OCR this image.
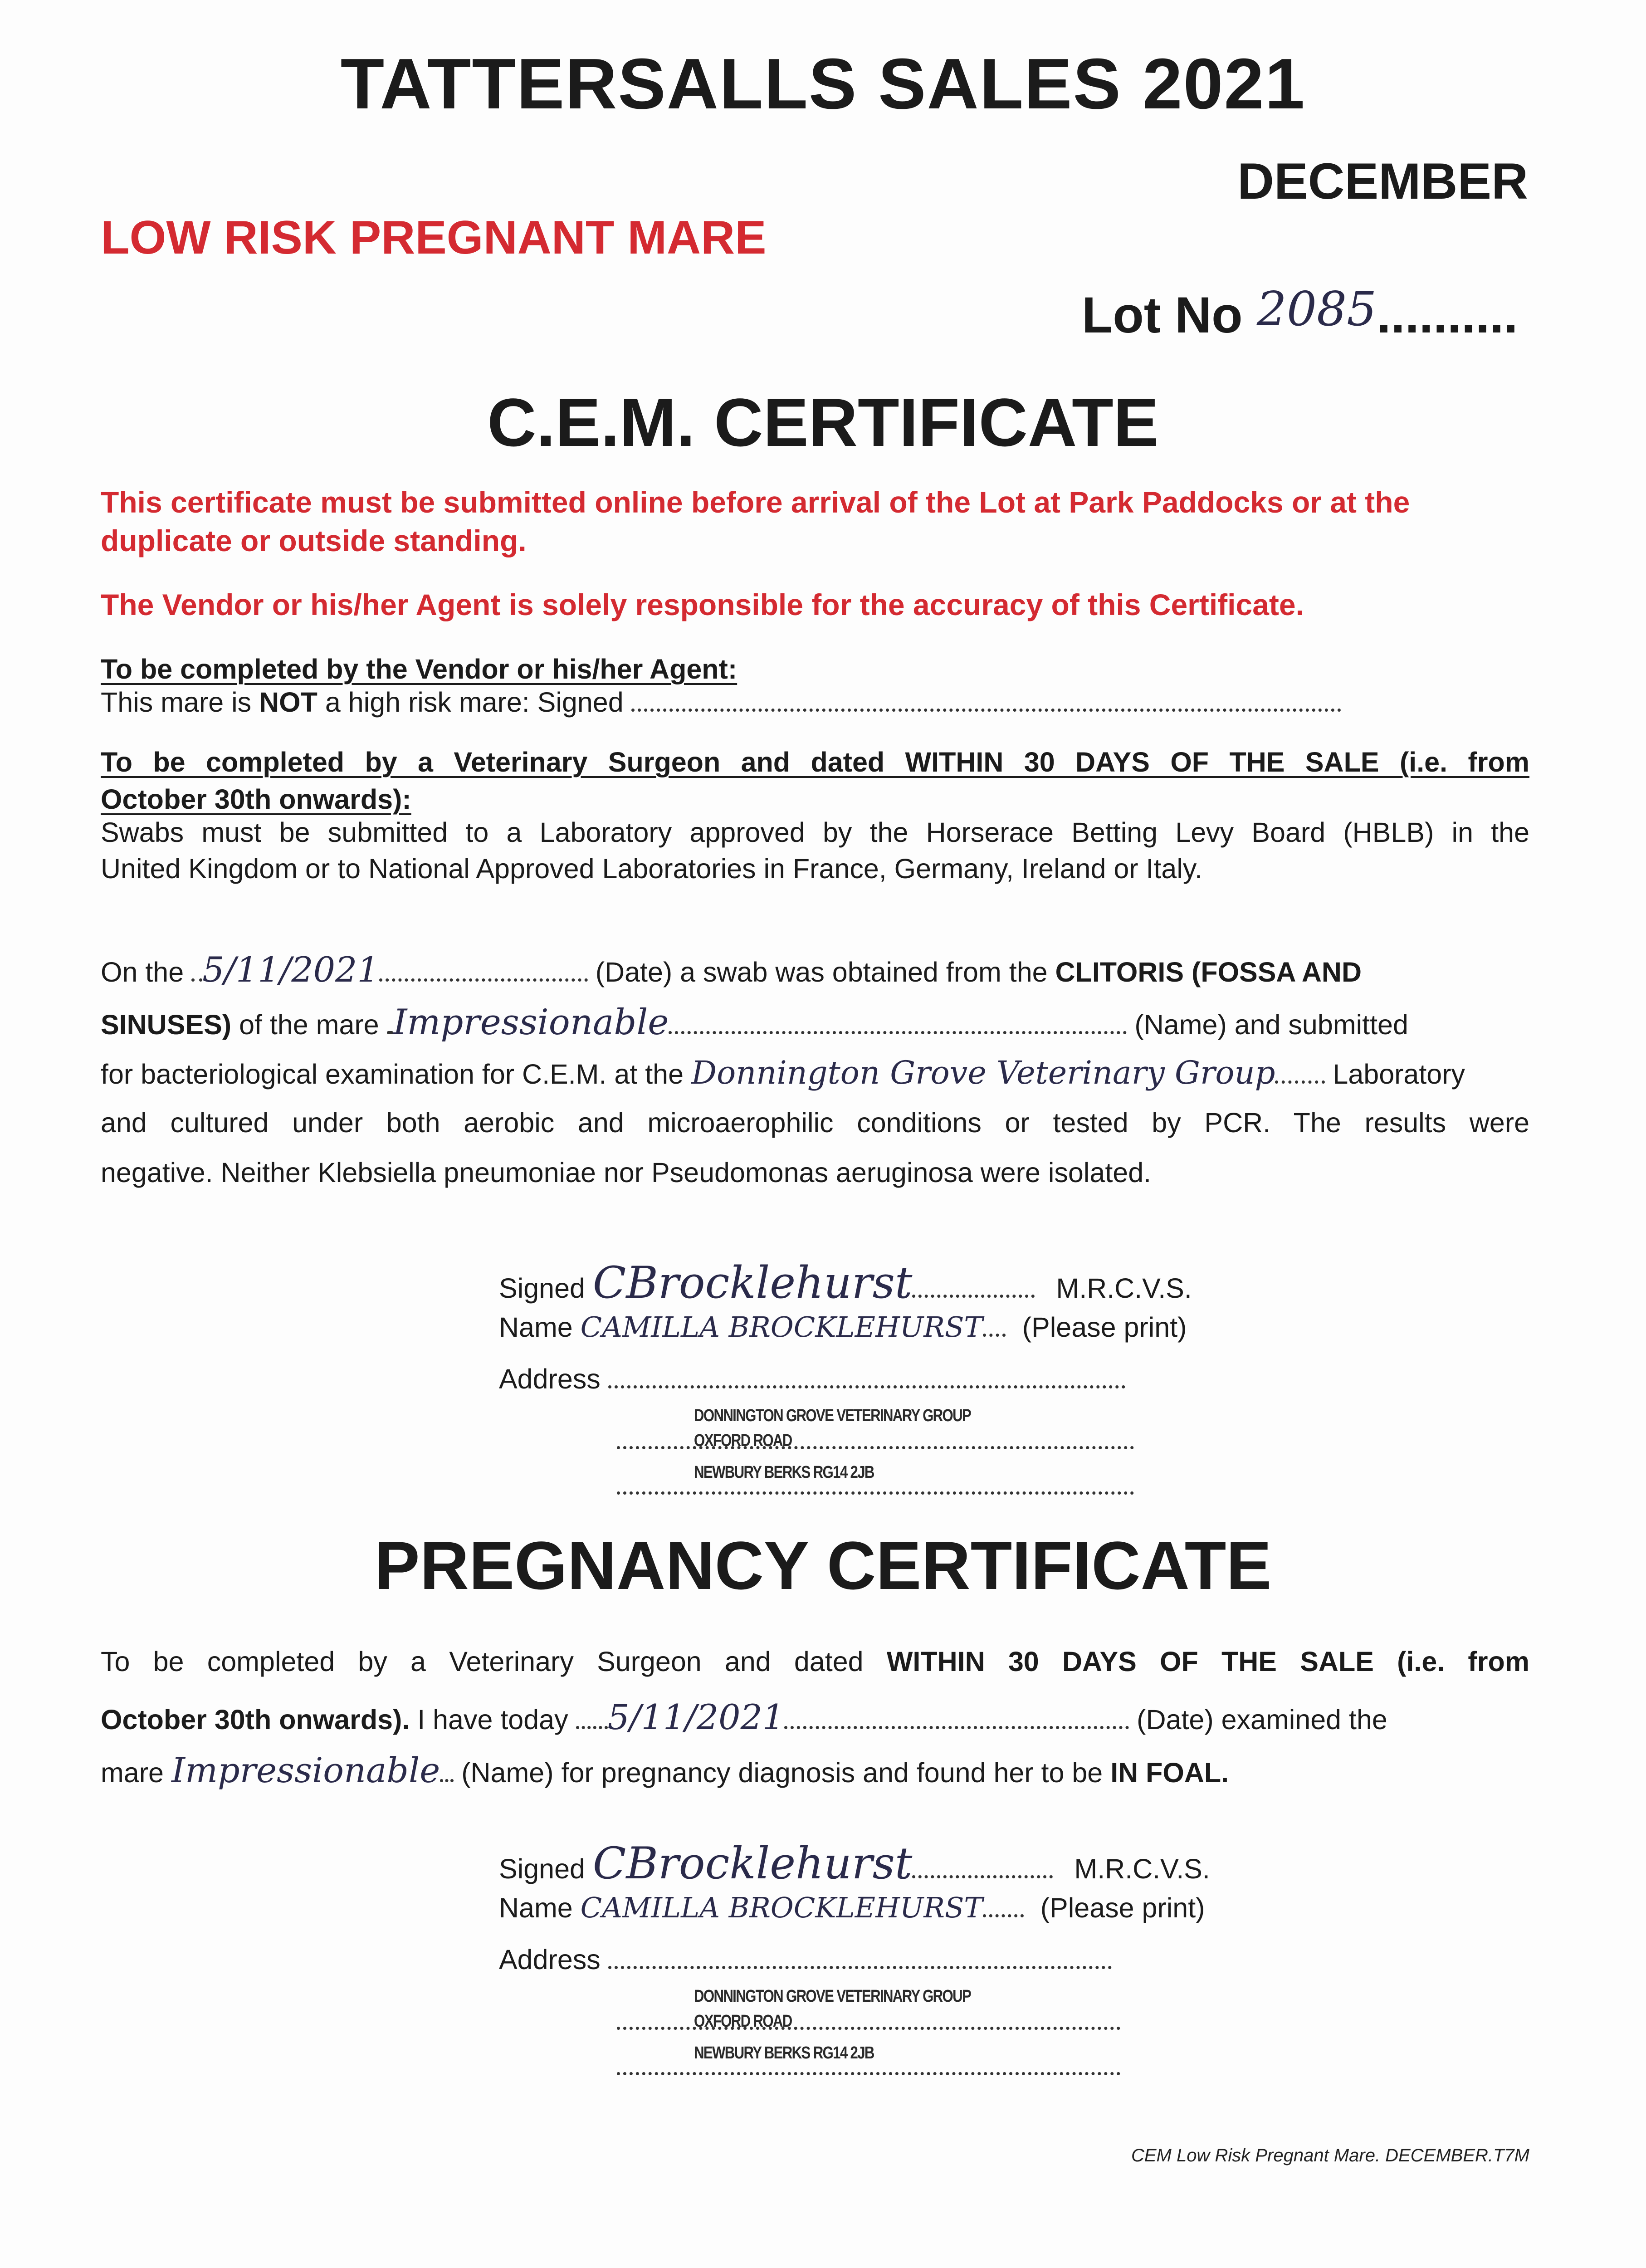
TATTERSALLS SALES 2021
DECEMBER
LOW RISK PREGNANT MARE
Lot No 2085..........
C.E.M. CERTIFICATE
This certificate must be submitted online before arrival of the Lot at Park Paddocks or at the duplicate or outside standing.
The Vendor or his/her Agent is solely responsible for the accuracy of this Certificate.
To be completed by the Vendor or his/her Agent:
This mare is NOT a high risk mare: Signed
To be completed by a Veterinary Surgeon and dated WITHIN 30 DAYS OF THE SALE (i.e. from
October 30th onwards):
Swabs must be submitted to a Laboratory approved by the Horserace Betting Levy Board (HBLB) in the
United Kingdom or to National Approved Laboratories in France, Germany, Ireland or Italy.
On the 5/11/2021	(Date) a swab was obtained from the CLITORIS (FOSSA AND
SINUSES) of the mare Impressionable	(Name) and submitted
for bacteriological examination for C.E.M. at the Donnington Grove Veterinary Group Laboratory
and cultured under both aerobic and microaerophilic conditions or tested by PCR. The results were
negative. Neither Klebsiella pneumoniae nor Pseudomonas aeruginosa were isolated.
Signed CBrocklehurst	M.R.C.V.S.
Name CAMILLA BROCKLEHURST (Please print)
Address
DONNINGTON GROVE VETERINARY GROUP
OXFORD ROAD
NEWBURY BERKS RG14 2JB
PREGNANCY CERTIFICATE
To be completed by a Veterinary Surgeon and dated WITHIN 30 DAYS OF THE SALE (i.e. from
October 30th onwards). I have today 5/11/2021	(Date) examined the
mare Impressionable (Name) for pregnancy diagnosis and found her to be IN FOAL.
Signed CBrocklehurst	M.R.C.V.S.
Name CAMILLA BROCKLEHURST (Please print)
Address
DONNINGTON GROVE VETERINARY GROUP
OXFORD ROAD
NEWBURY BERKS RG14 2JB
CEM Low Risk Pregnant Mare. DECEMBER.T7M
